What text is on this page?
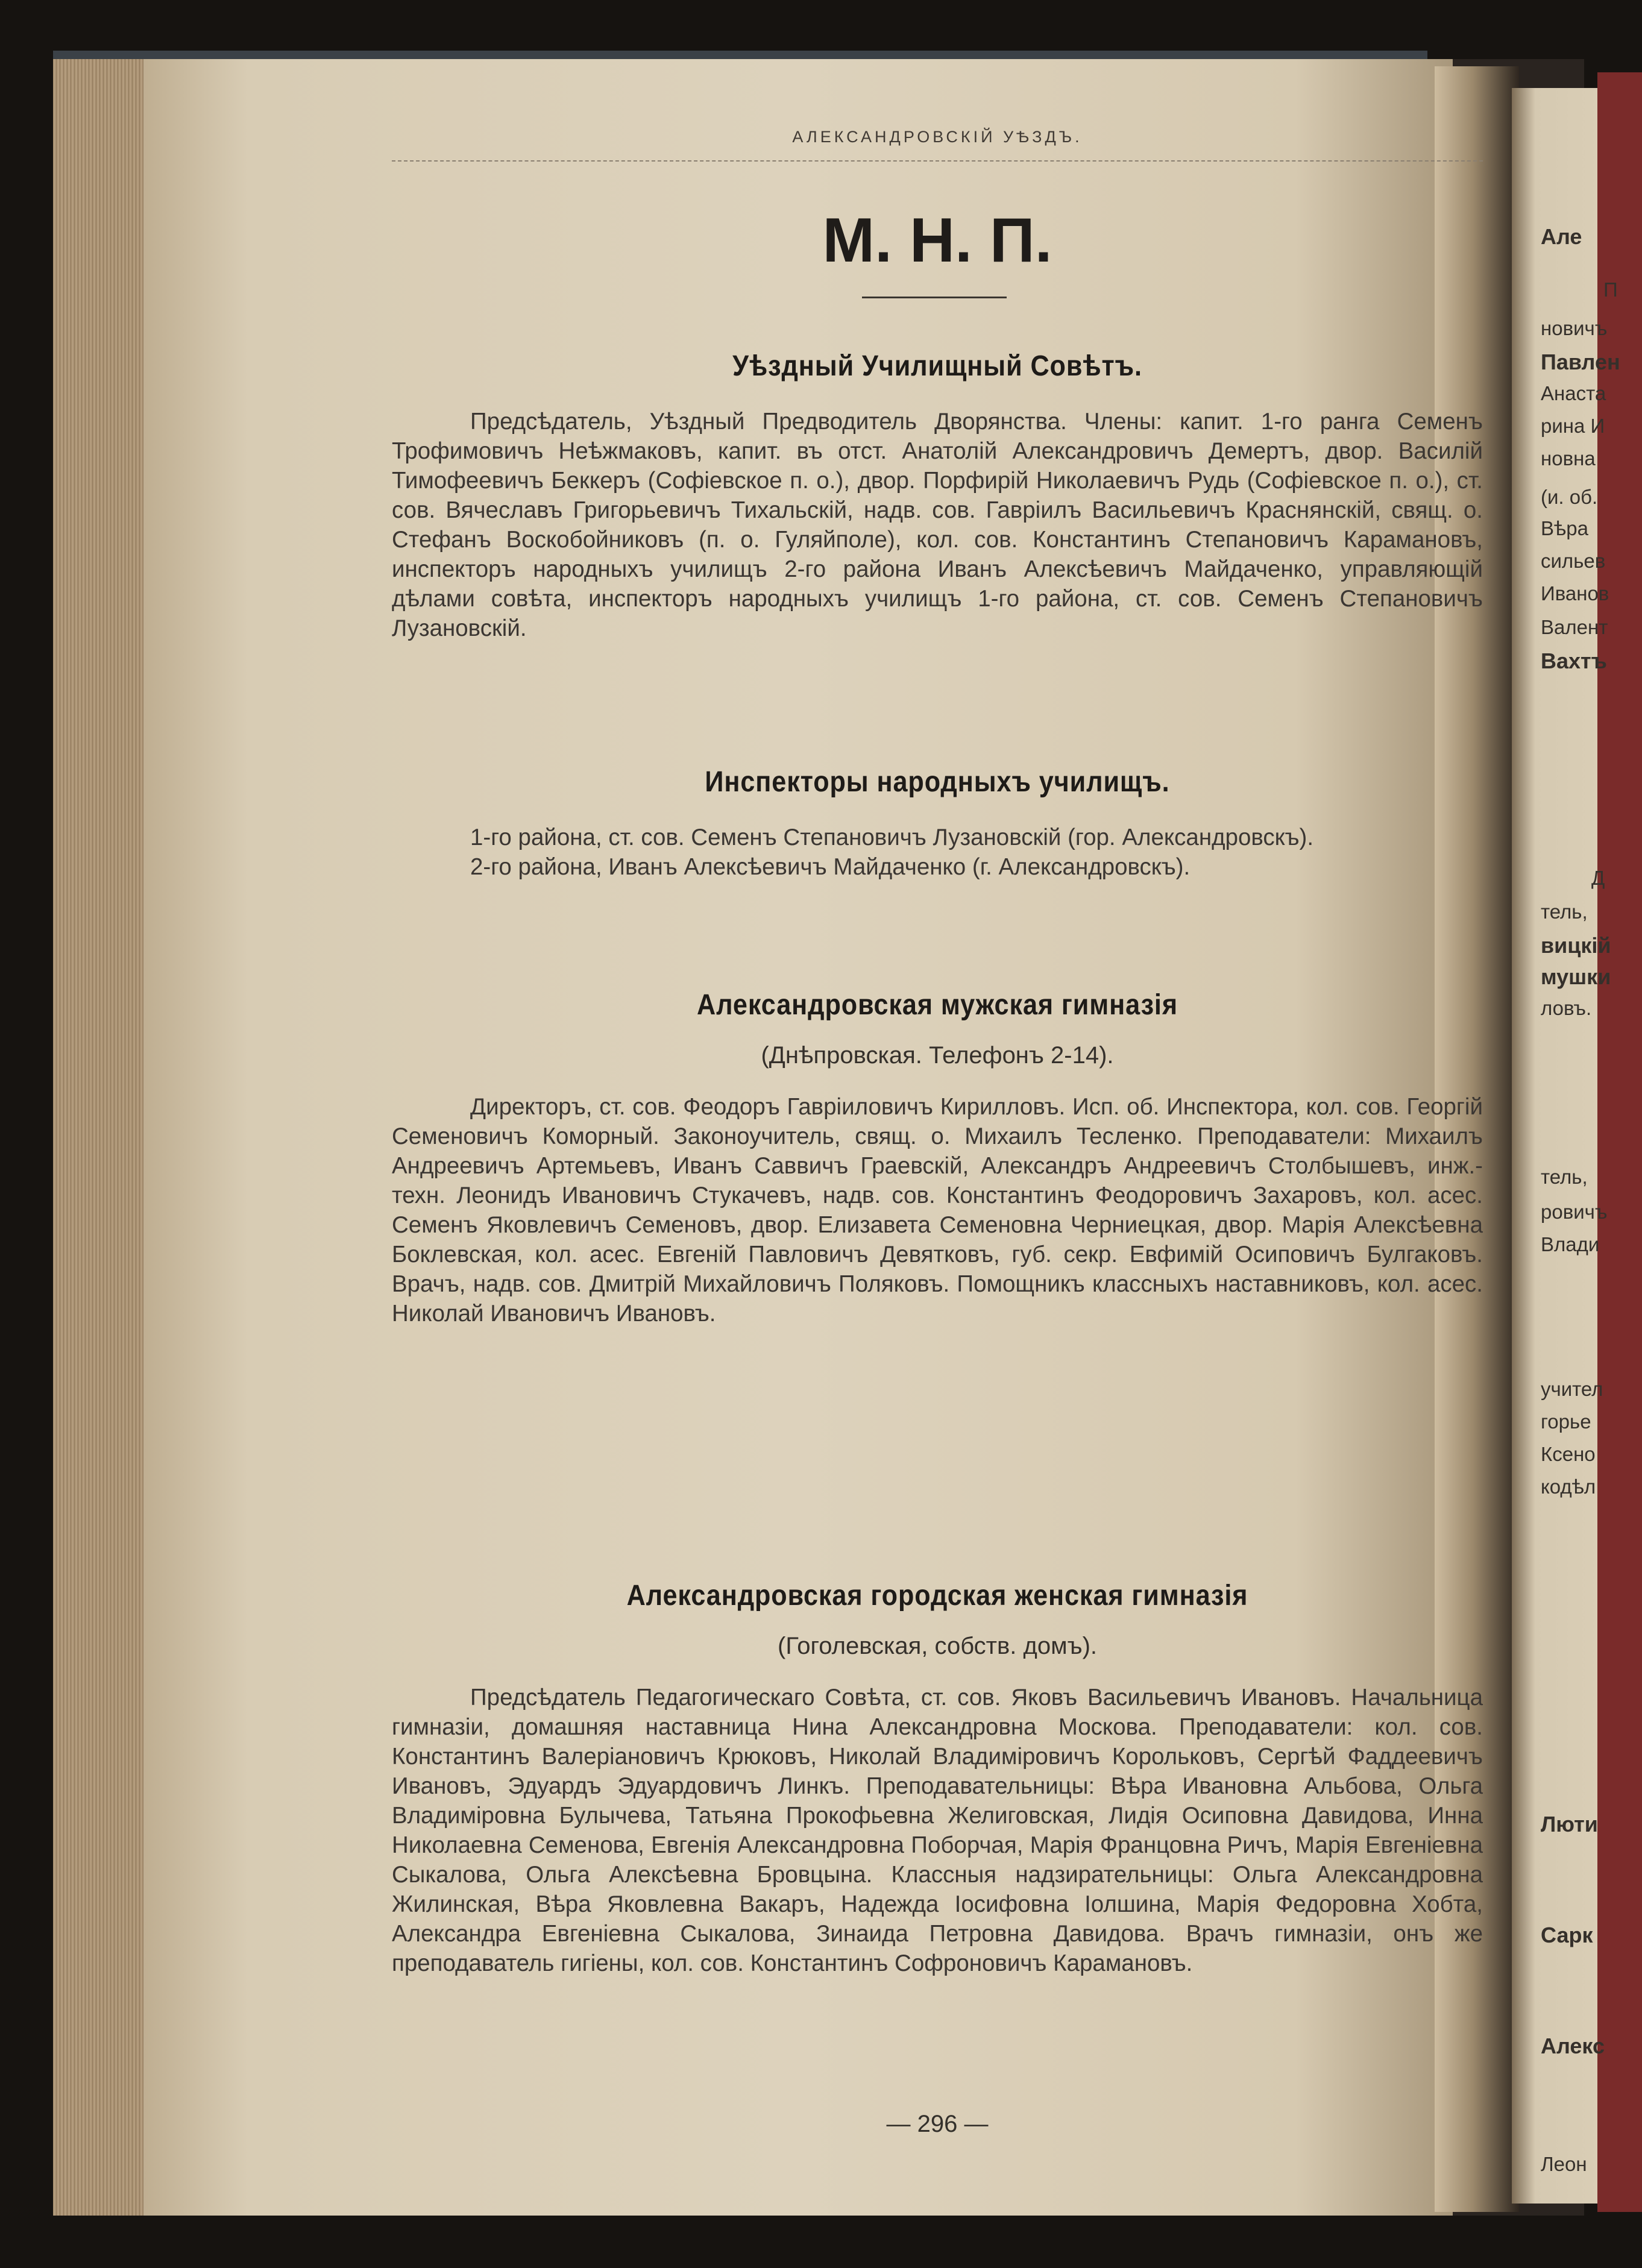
АЛЕКСАНДРОВСКІЙ УѢЗДЪ.
М. Н. П.
Уѣздный Училищный Совѣтъ.

Предсѣдатель, Уѣздный Предводитель Дворянства. Члены: капит. 1-го ранга Семенъ Трофимовичъ Неѣжмаковъ, капит. въ отст. Анатолій Александровичъ Демертъ, двор. Василій Тимофеевичъ Беккеръ (Софіевское п. о.), двор. Порфирій Николаевичъ Рудь (Софіевское п. о.), ст. сов. Вячеславъ Григорьевичъ Тихальскій, надв. сов. Гавріилъ Васильевичъ Краснянскій, свящ. о. Стефанъ Воскобойниковъ (п. о. Гуляйполе), кол. сов. Константинъ Степановичъ Карамановъ, инспекторъ народныхъ училищъ 2-го района Иванъ Алексѣевичъ Майдаченко, управляющій дѣлами совѣта, инспекторъ народныхъ училищъ 1-го района, ст. сов. Семенъ Степановичъ Лузановскій.

Инспекторы народныхъ училищъ.

1-го района, ст. сов. Семенъ Степановичъ Лузановскій (гор. Александровскъ).

2-го района, Иванъ Алексѣевичъ Майдаченко (г. Александровскъ).

Александровская мужская гимназія
(Днѣпровская. Телефонъ 2-14).

Директоръ, ст. сов. Феодоръ Гавріиловичъ Кирилловъ. Исп. об. Инспектора, кол. сов. Георгій Семеновичъ Коморный. Законоучитель, свящ. о. Михаилъ Тесленко. Преподаватели: Михаилъ Андреевичъ Артемьевъ, Иванъ Саввичъ Граевскій, Александръ Андреевичъ Столбышевъ, инж.-техн. Леонидъ Ивановичъ Стукачевъ, надв. сов. Константинъ Феодоровичъ Захаровъ, кол. асес. Семенъ Яковлевичъ Семеновъ, двор. Елизавета Семеновна Черниецкая, двор. Марія Алексѣевна Боклевская, кол. асес. Евгеній Павловичъ Девятковъ, губ. секр. Евфимій Осиповичъ Булгаковъ. Врачъ, надв. сов. Дмитрій Михайловичъ Поляковъ. Помощникъ классныхъ наставниковъ, кол. асес. Николай Ивановичъ Ивановъ.

Александровская городская женская гимназія
(Гоголевская, собств. домъ).

Предсѣдатель Педагогическаго Совѣта, ст. сов. Яковъ Васильевичъ Ивановъ. Начальница гимназіи, домашняя наставница Нина Александровна Москова. Преподаватели: кол. сов. Константинъ Валеріановичъ Крюковъ, Николай Владиміровичъ Корольковъ, Сергѣй Фаддеевичъ Ивановъ, Эдуардъ Эдуардовичъ Линкъ. Преподавательницы: Вѣра Ивановна Альбова, Ольга Владиміровна Булычева, Татьяна Прокофьевна Желиговская, Лидія Осиповна Давидова, Инна Николаевна Семенова, Евгенія Александровна Поборчая, Марія Францовна Ричъ, Марія Евгеніевна Сыкалова, Ольга Алексѣевна Бровцына. Классныя надзирательницы: Ольга Александровна Жилинская, Вѣра Яковлевна Вакаръ, Надежда Іосифовна Іолшина, Марія Федоровна Хобта, Александра Евгеніевна Сыкалова, Зинаида Петровна Давидова. Врачъ гимназіи, онъ же преподаватель гигіены, кол. сов. Константинъ Софроновичъ Карамановъ.

— 296 —
Але
П
новичъ
Павлен
Анаста
рина И
новна
(и. об.
Вѣра
сильев
Иванов
Валент
Вахтъ
Д
тель,
вицкій
мушки
ловъ.
тель,
ровичъ
Влади
учител
горье
Ксено
кодѣл
Люти
Сарк
Алекс
Леон
